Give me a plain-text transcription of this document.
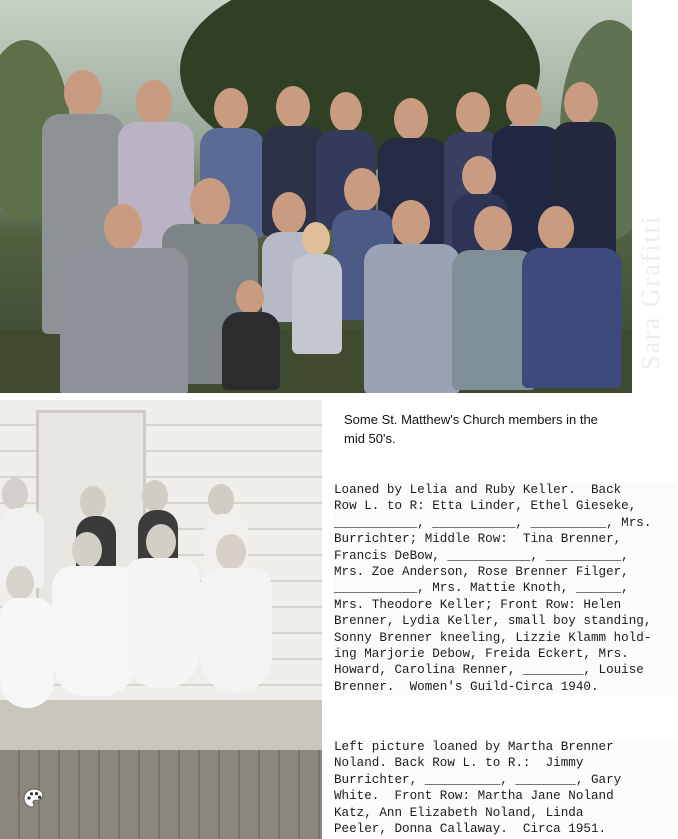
Sara Grafitti
Some St. Matthew's Church members in the
mid 50's.
Loaned by Lelia and Ruby Keller.  Back
Row L. to R: Etta Linder, Ethel Gieseke,
___________, ___________, __________, Mrs.
Burrichter; Middle Row:  Tina Brenner,
Francis DeBow, ___________, __________,
Mrs. Zoe Anderson, Rose Brenner Filger,
___________, Mrs. Mattie Knoth, ______,
Mrs. Theodore Keller; Front Row: Helen
Brenner, Lydia Keller, small boy standing,
Sonny Brenner kneeling, Lizzie Klamm hold-
ing Marjorie Debow, Freida Eckert, Mrs.
Howard, Carolina Renner, ________, Louise
Brenner.  Women's Guild-Circa 1940.
Left picture loaned by Martha Brenner
Noland. Back Row L. to R.:  Jimmy
Burrichter, __________, ________, Gary
White.  Front Row: Martha Jane Noland
Katz, Ann Elizabeth Noland, Linda
Peeler, Donna Callaway.  Circa 1951.
